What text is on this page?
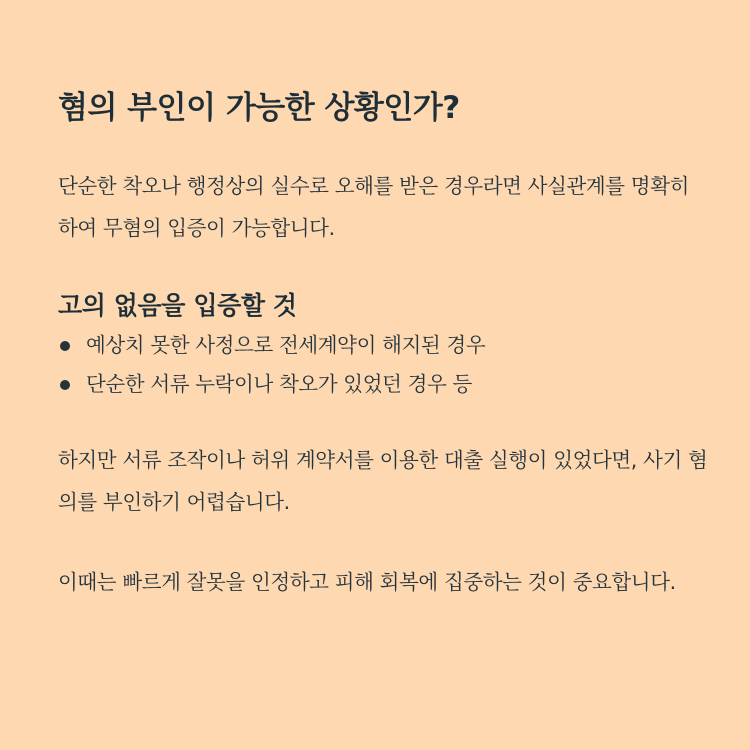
혐의 부인이 가능한 상황인가?

단순한 착오나 행정상의 실수로 오해를 받은 경우라면 사실관계를 명확히 하여 무혐의 입증이 가능합니다.

고의 없음을 입증할 것
예상치 못한 사정으로 전세계약이 해지된 경우
단순한 서류 누락이나 착오가 있었던 경우 등

하지만 서류 조작이나 허위 계약서를 이용한 대출 실행이 있었다면, 사기 혐의를 부인하기 어렵습니다.

이때는 빠르게 잘못을 인정하고 피해 회복에 집중하는 것이 중요합니다.
